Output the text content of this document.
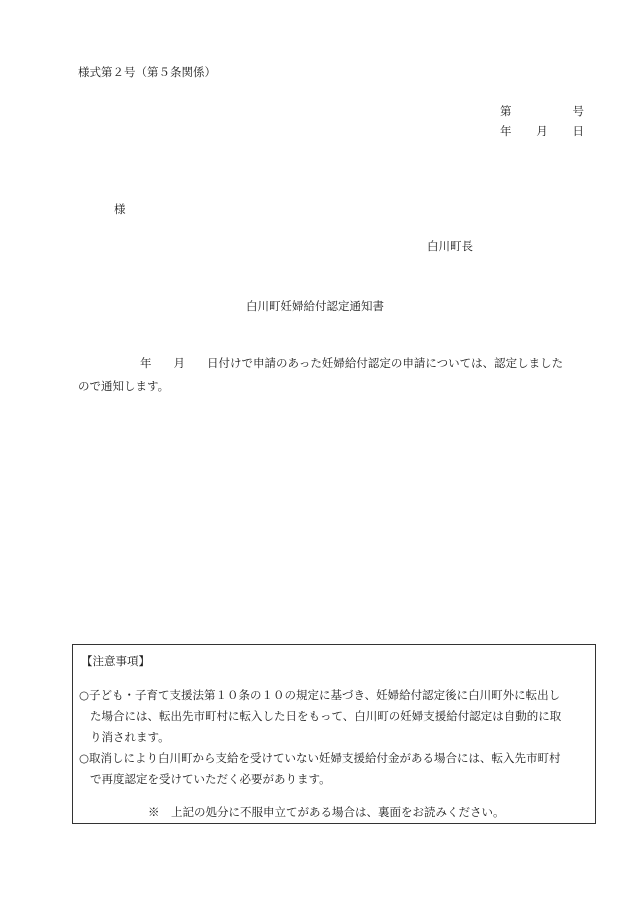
様式第２号（第５条関係）
第	号
年 月 日
様
白川町長
白川町妊婦給付認定通知書
年 月 日付けで申請のあった妊婦給付認定の申請については、認定しました
ので通知します。
【注意事項】
○子ども・子育て支援法第１０条の１０の規定に基づき、妊婦給付認定後に白川町外に転出し
た場合には、転出先市町村に転入した日をもって、白川町の妊婦支援給付認定は自動的に取
り消されます。
○取消しにより白川町から支給を受けていない妊婦支援給付金がある場合には、転入先市町村
で再度認定を受けていただく必要があります。
※　上記の処分に不服申立てがある場合は、裏面をお読みください。
